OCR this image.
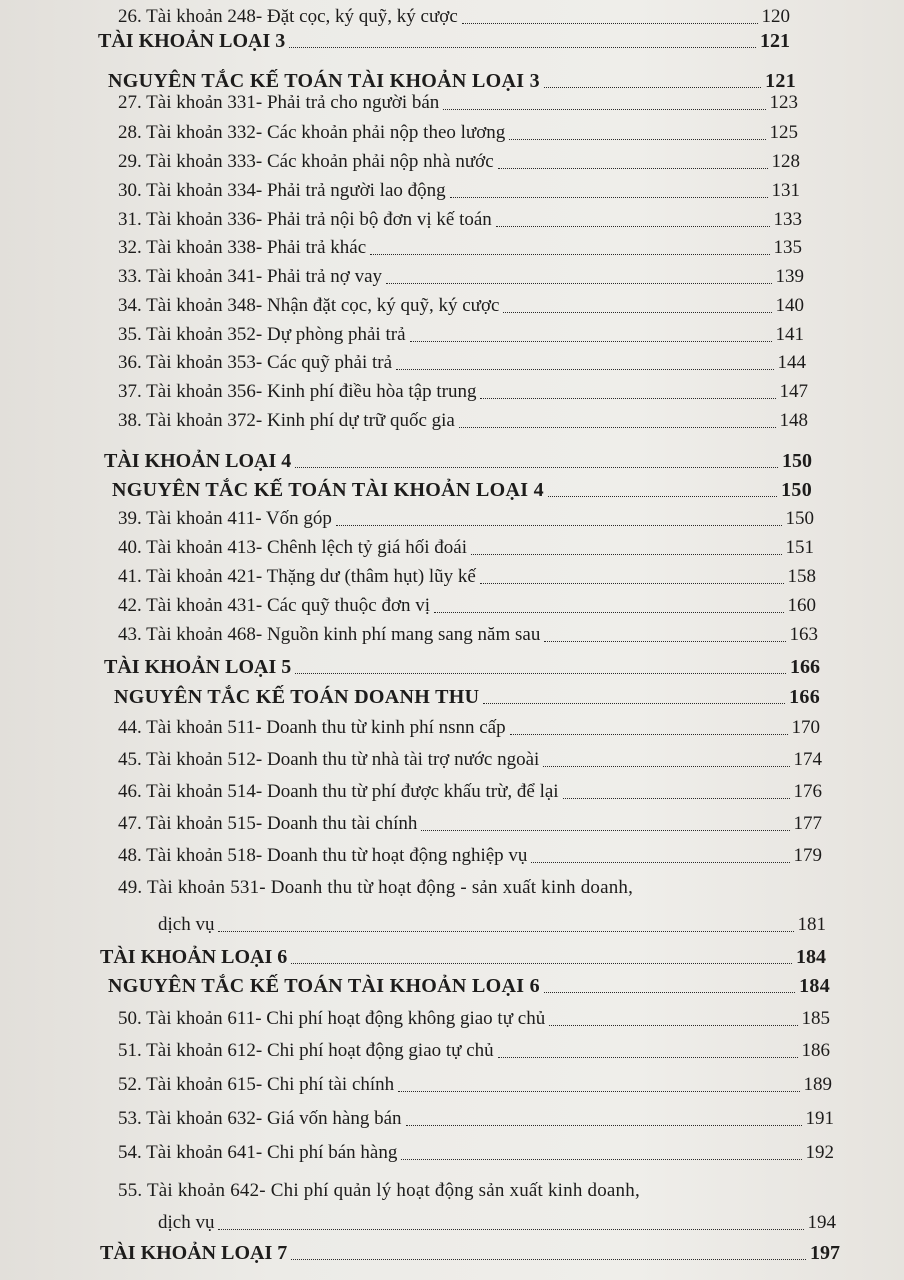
26. Tài khoản 248- Đặt cọc, ký quỹ, ký cược	120
TÀI KHOẢN LOẠI 3	121
NGUYÊN TẮC KẾ TOÁN TÀI KHOẢN LOẠI 3	121
27. Tài khoản 331- Phải trả cho người bán	123
28. Tài khoản 332- Các khoản phải nộp theo lương	125
29. Tài khoản 333- Các khoản phải nộp nhà nước	128
30. Tài khoản 334- Phải trả người lao động	131
31. Tài khoản 336- Phải trả nội bộ đơn vị kế toán	133
32. Tài khoản 338- Phải trả khác	135
33. Tài khoản 341- Phải trả nợ vay	139
34. Tài khoản 348- Nhận đặt cọc, ký quỹ, ký cược	140
35. Tài khoản 352- Dự phòng phải trả	141
36. Tài khoản 353- Các quỹ phải trả	144
37. Tài khoản 356- Kinh phí điều hòa tập trung	147
38. Tài khoản 372- Kinh phí dự trữ quốc gia	148
TÀI KHOẢN LOẠI 4	150
NGUYÊN TẮC KẾ TOÁN TÀI KHOẢN LOẠI 4	150
39. Tài khoản 411- Vốn góp	150
40. Tài khoản 413- Chênh lệch tỷ giá hối đoái	151
41. Tài khoản 421- Thặng dư (thâm hụt) lũy kế	158
42. Tài khoản 431- Các quỹ thuộc đơn vị	160
43. Tài khoản 468- Nguồn kinh phí mang sang năm sau	163
TÀI KHOẢN LOẠI 5	166
NGUYÊN TẮC KẾ TOÁN DOANH THU	166
44. Tài khoản 511- Doanh thu từ kinh phí nsnn cấp	170
45. Tài khoản 512- Doanh thu từ nhà tài trợ nước ngoài	174
46. Tài khoản 514- Doanh thu từ phí được khấu trừ, để lại	176
47. Tài khoản 515- Doanh thu tài chính	177
48. Tài khoản 518- Doanh thu từ hoạt động nghiệp vụ	179
49. Tài khoản 531- Doanh thu từ hoạt động - sản xuất kinh doanh,
dịch vụ	181
TÀI KHOẢN LOẠI 6	184
NGUYÊN TẮC KẾ TOÁN TÀI KHOẢN LOẠI 6	184
50. Tài khoản 611- Chi phí hoạt động không giao tự chủ	185
51. Tài khoản 612- Chi phí hoạt động giao tự chủ	186
52. Tài khoản 615- Chi phí tài chính	189
53. Tài khoản 632- Giá vốn hàng bán	191
54. Tài khoản 641- Chi phí bán hàng	192
55. Tài khoản 642- Chi phí quản lý hoạt động sản xuất kinh doanh,
dịch vụ	194
TÀI KHOẢN LOẠI 7	197
